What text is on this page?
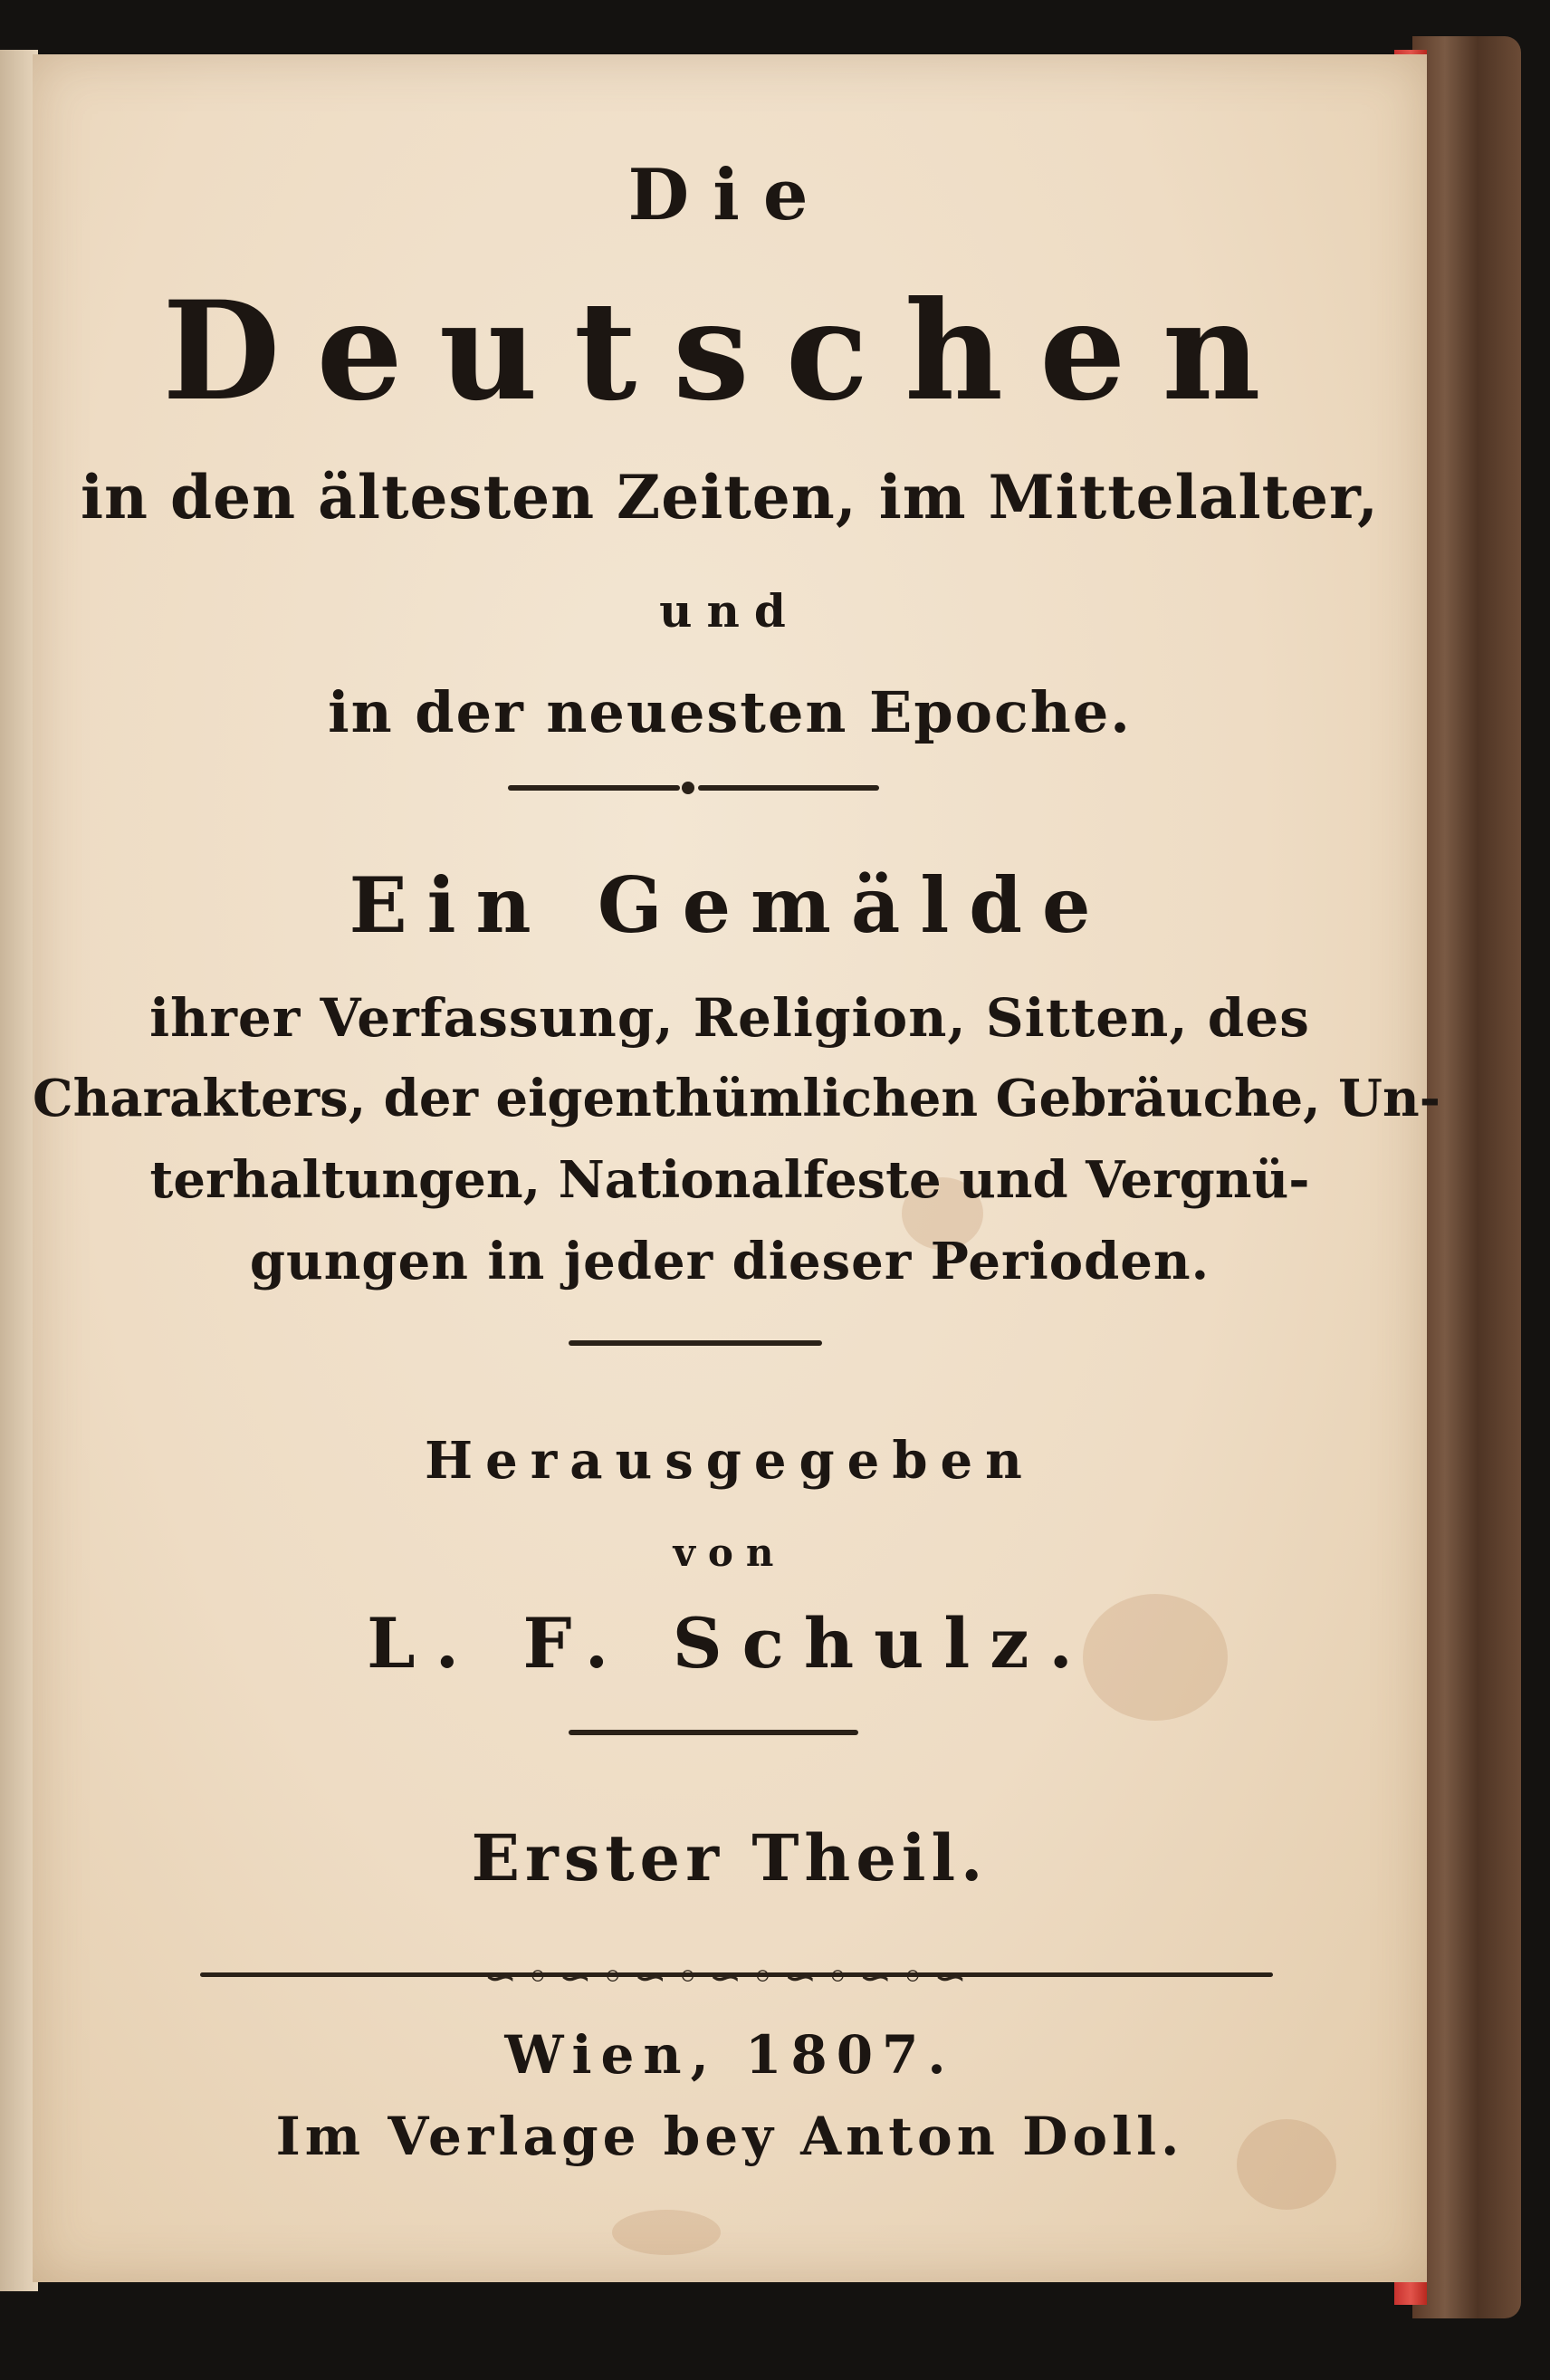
Die
Deutschen
in den ältesten Zeiten, im Mittelalter,
und
in der neuesten Epoche.
Ein Gemälde
ihrer Verfassung, Religion, Sitten, des
Charakters, der eigenthümlichen Gebräuche, Un-
terhaltungen, Nationalfeste und Vergnü-
gungen in jeder dieser Perioden.
Herausgegeben
von
L. F. Schulz.
Erster Theil.
∽◦∽◦∽◦∽◦∽◦∽◦∽
Wien, 1807.
Im Verlage bey Anton Doll.
